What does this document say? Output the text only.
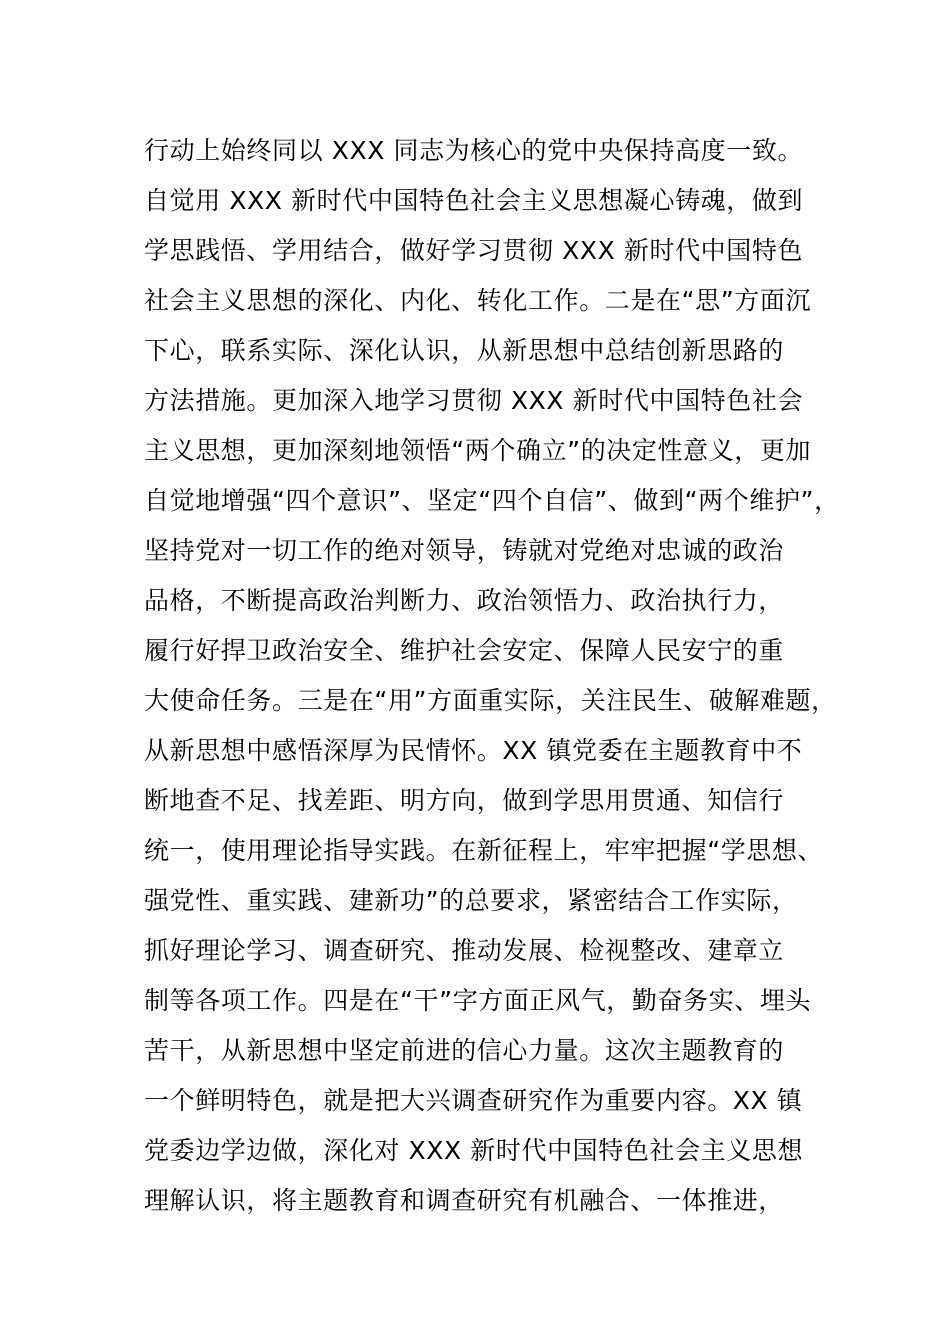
行动上始终同以 XXX 同志为核心的党中央保持高度一致。
自觉用 XXX 新时代中国特色社会主义思想凝心铸魂，做到
学思践悟、学用结合，做好学习贯彻 XXX 新时代中国特色
社会主义思想的深化、内化、转化工作。二是在“思”方面沉
下心，联系实际、深化认识，从新思想中总结创新思路的
方法措施。更加深入地学习贯彻 XXX 新时代中国特色社会
主义思想，更加深刻地领悟“两个确立”的决定性意义，更加
自觉地增强“四个意识”、坚定“四个自信”、做到“两个维护”，
坚持党对一切工作的绝对领导，铸就对党绝对忠诚的政治
品格，不断提高政治判断力、政治领悟力、政治执行力，
履行好捍卫政治安全、维护社会安定、保障人民安宁的重
大使命任务。三是在“用”方面重实际，关注民生、破解难题，
从新思想中感悟深厚为民情怀。XX 镇党委在主题教育中不
断地查不足、找差距、明方向，做到学思用贯通、知信行
统一，使用理论指导实践。在新征程上，牢牢把握“学思想、
强党性、重实践、建新功”的总要求，紧密结合工作实际，
抓好理论学习、调查研究、推动发展、检视整改、建章立
制等各项工作。四是在“干”字方面正风气，勤奋务实、埋头
苦干，从新思想中坚定前进的信心力量。这次主题教育的
一个鲜明特色，就是把大兴调查研究作为重要内容。XX 镇
党委边学边做，深化对 XXX 新时代中国特色社会主义思想
理解认识，将主题教育和调查研究有机融合、一体推进，
